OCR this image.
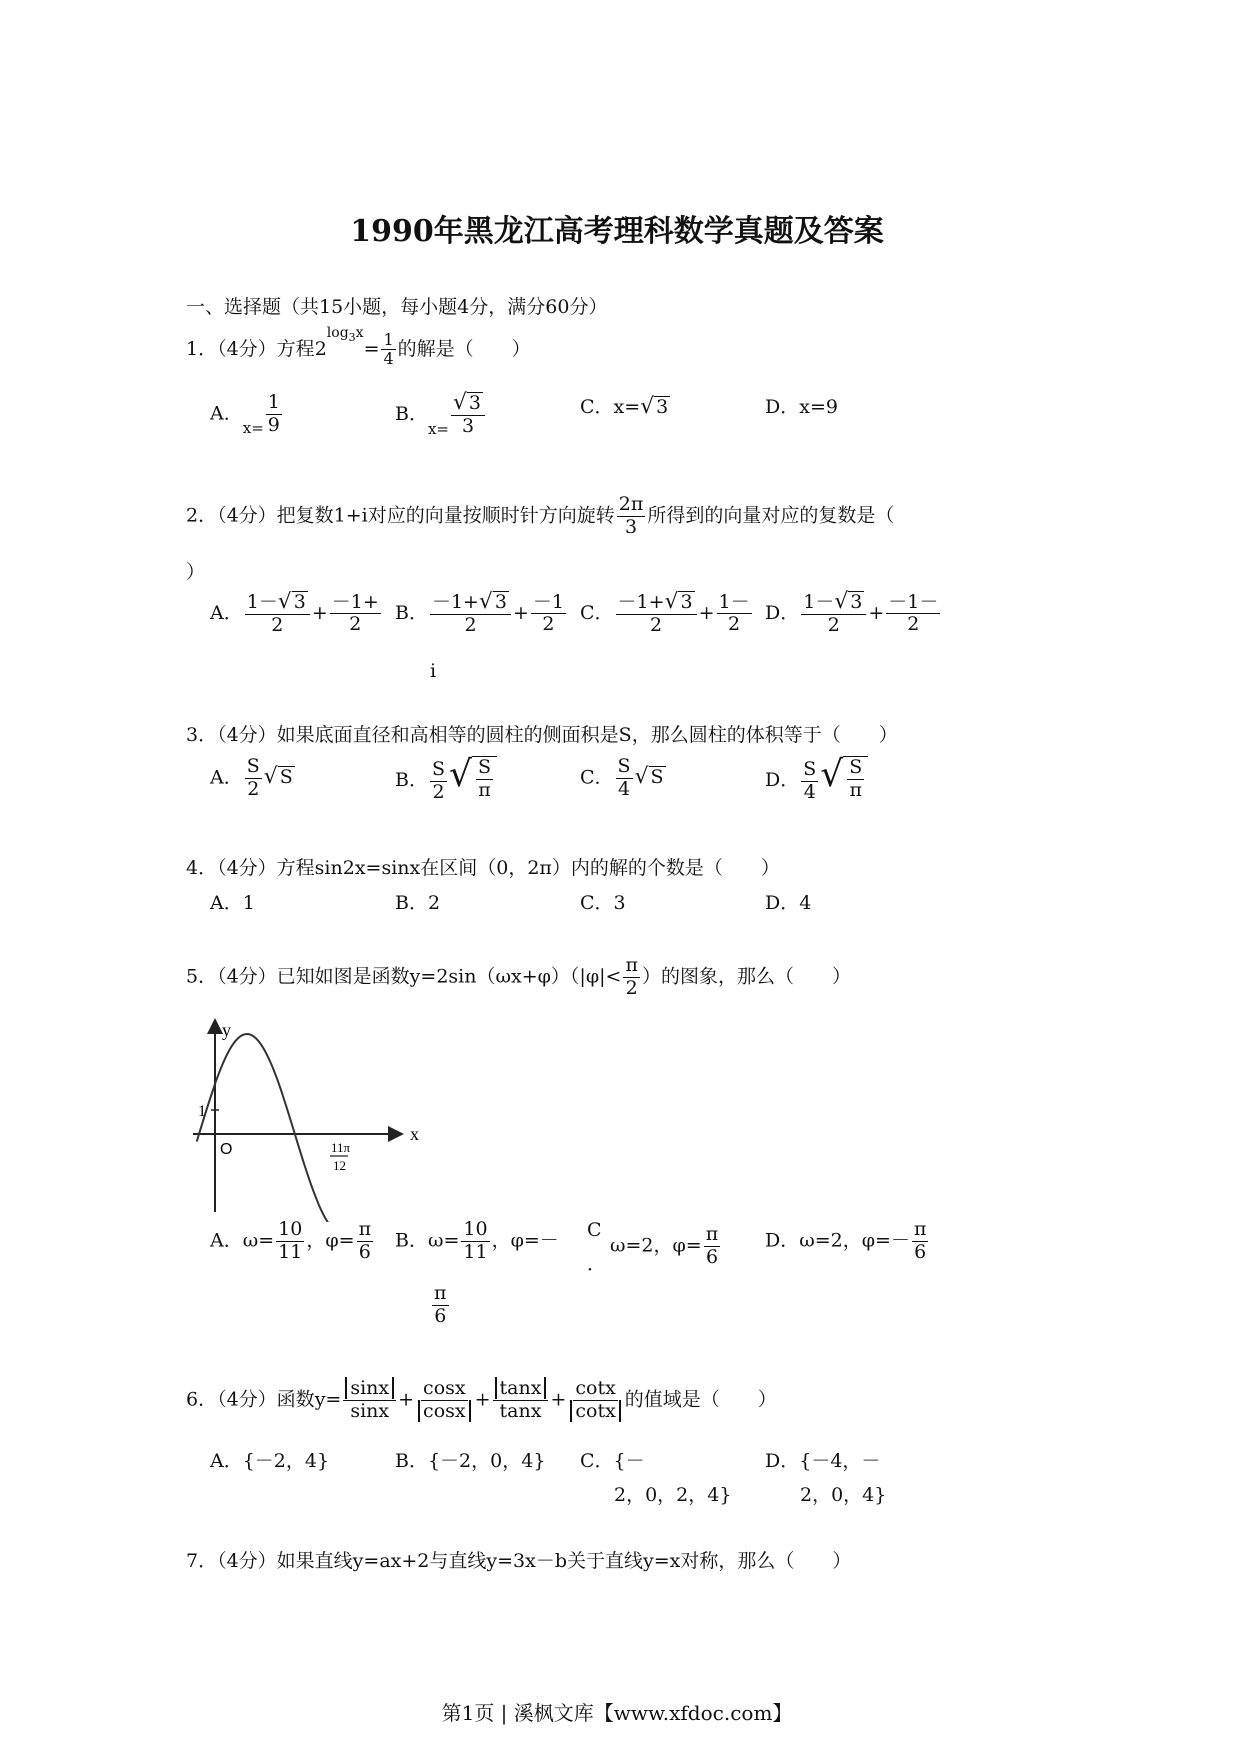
1990年黑龙江高考理科数学真题及答案
一、选择题（共15小题，每小题4分，满分60分）
1．（4分）方程$2^{log_3x}= \frac{1}{4}$ 的解是（　　）
A．$_{x=} \frac{1}{9}$	B．$_{x=} \frac{√ 3}{3}$	C．x= √ 3	D．x=9
2．（4分）把复数1+i对应的向量按顺时针方向旋转 $\frac{2\pi}{3}$ 所得到的向量对应的复数是（
）
A． $\frac{1- √ 3}{2} + \frac{-1+}{2}$ B． $\frac{-1+ √ 3}{2} + \frac{-1}{2}$
i
C． $\frac{-1+ √ 3}{2} + \frac{1-}{2}$ D． $\frac{1- √ 3}{2} + \frac{-1-}{2}$
3．（4分）如果底面直径和高相等的圆柱的侧面积是S，那么圆柱的体积等于（　　）
A． $\frac{S}{2}$ √ S	B． $\frac{S}{2}$ √ $\frac{S}{\pi}$	C． $\frac{S}{4}$ √ S	D． $\frac{S}{4}$ √ $\frac{S}{\pi}$
4．（4分）方程sin2x=sinx在区间（0，2π）内的解的个数是（　　）
A．1	B．2	C．3	D．4
5．（4分）已知如图是函数$y=2\sin(\omega x+\varphi)(|\varphi|< \frac{\pi}{2}$ ）的图象，那么（　　）
1
y
x
O	11π
12
A．$\omega= \frac{10}{11}$ ，$\varphi= \frac{\pi}{6}$ B．$\omega= \frac{10}{11}$ ，φ=－
$\frac{\pi}{6}$
C
．
ω=2，$\varphi= \frac{\pi}{6}$ D．ω=2，$\varphi=- \frac{\pi}{6}$
6．（4分）函数$y= \frac{\sin x}{\sin x} + \frac{\cos x}{\cos x} + \frac{\tan x}{\tan x} + \frac{\cot x}{\cot x}$ 的值域是（　　）
A．{－2，4}	B．{－2，0，4} C．{－
2，0，2，4}
D．{－4，－
2，0，4}
7．（4分）如果直线y=ax+2与直线y=3x－b关于直线y=x对称，那么（　　）
第1页 | 溪枫文库【www.xfdoc.com】
